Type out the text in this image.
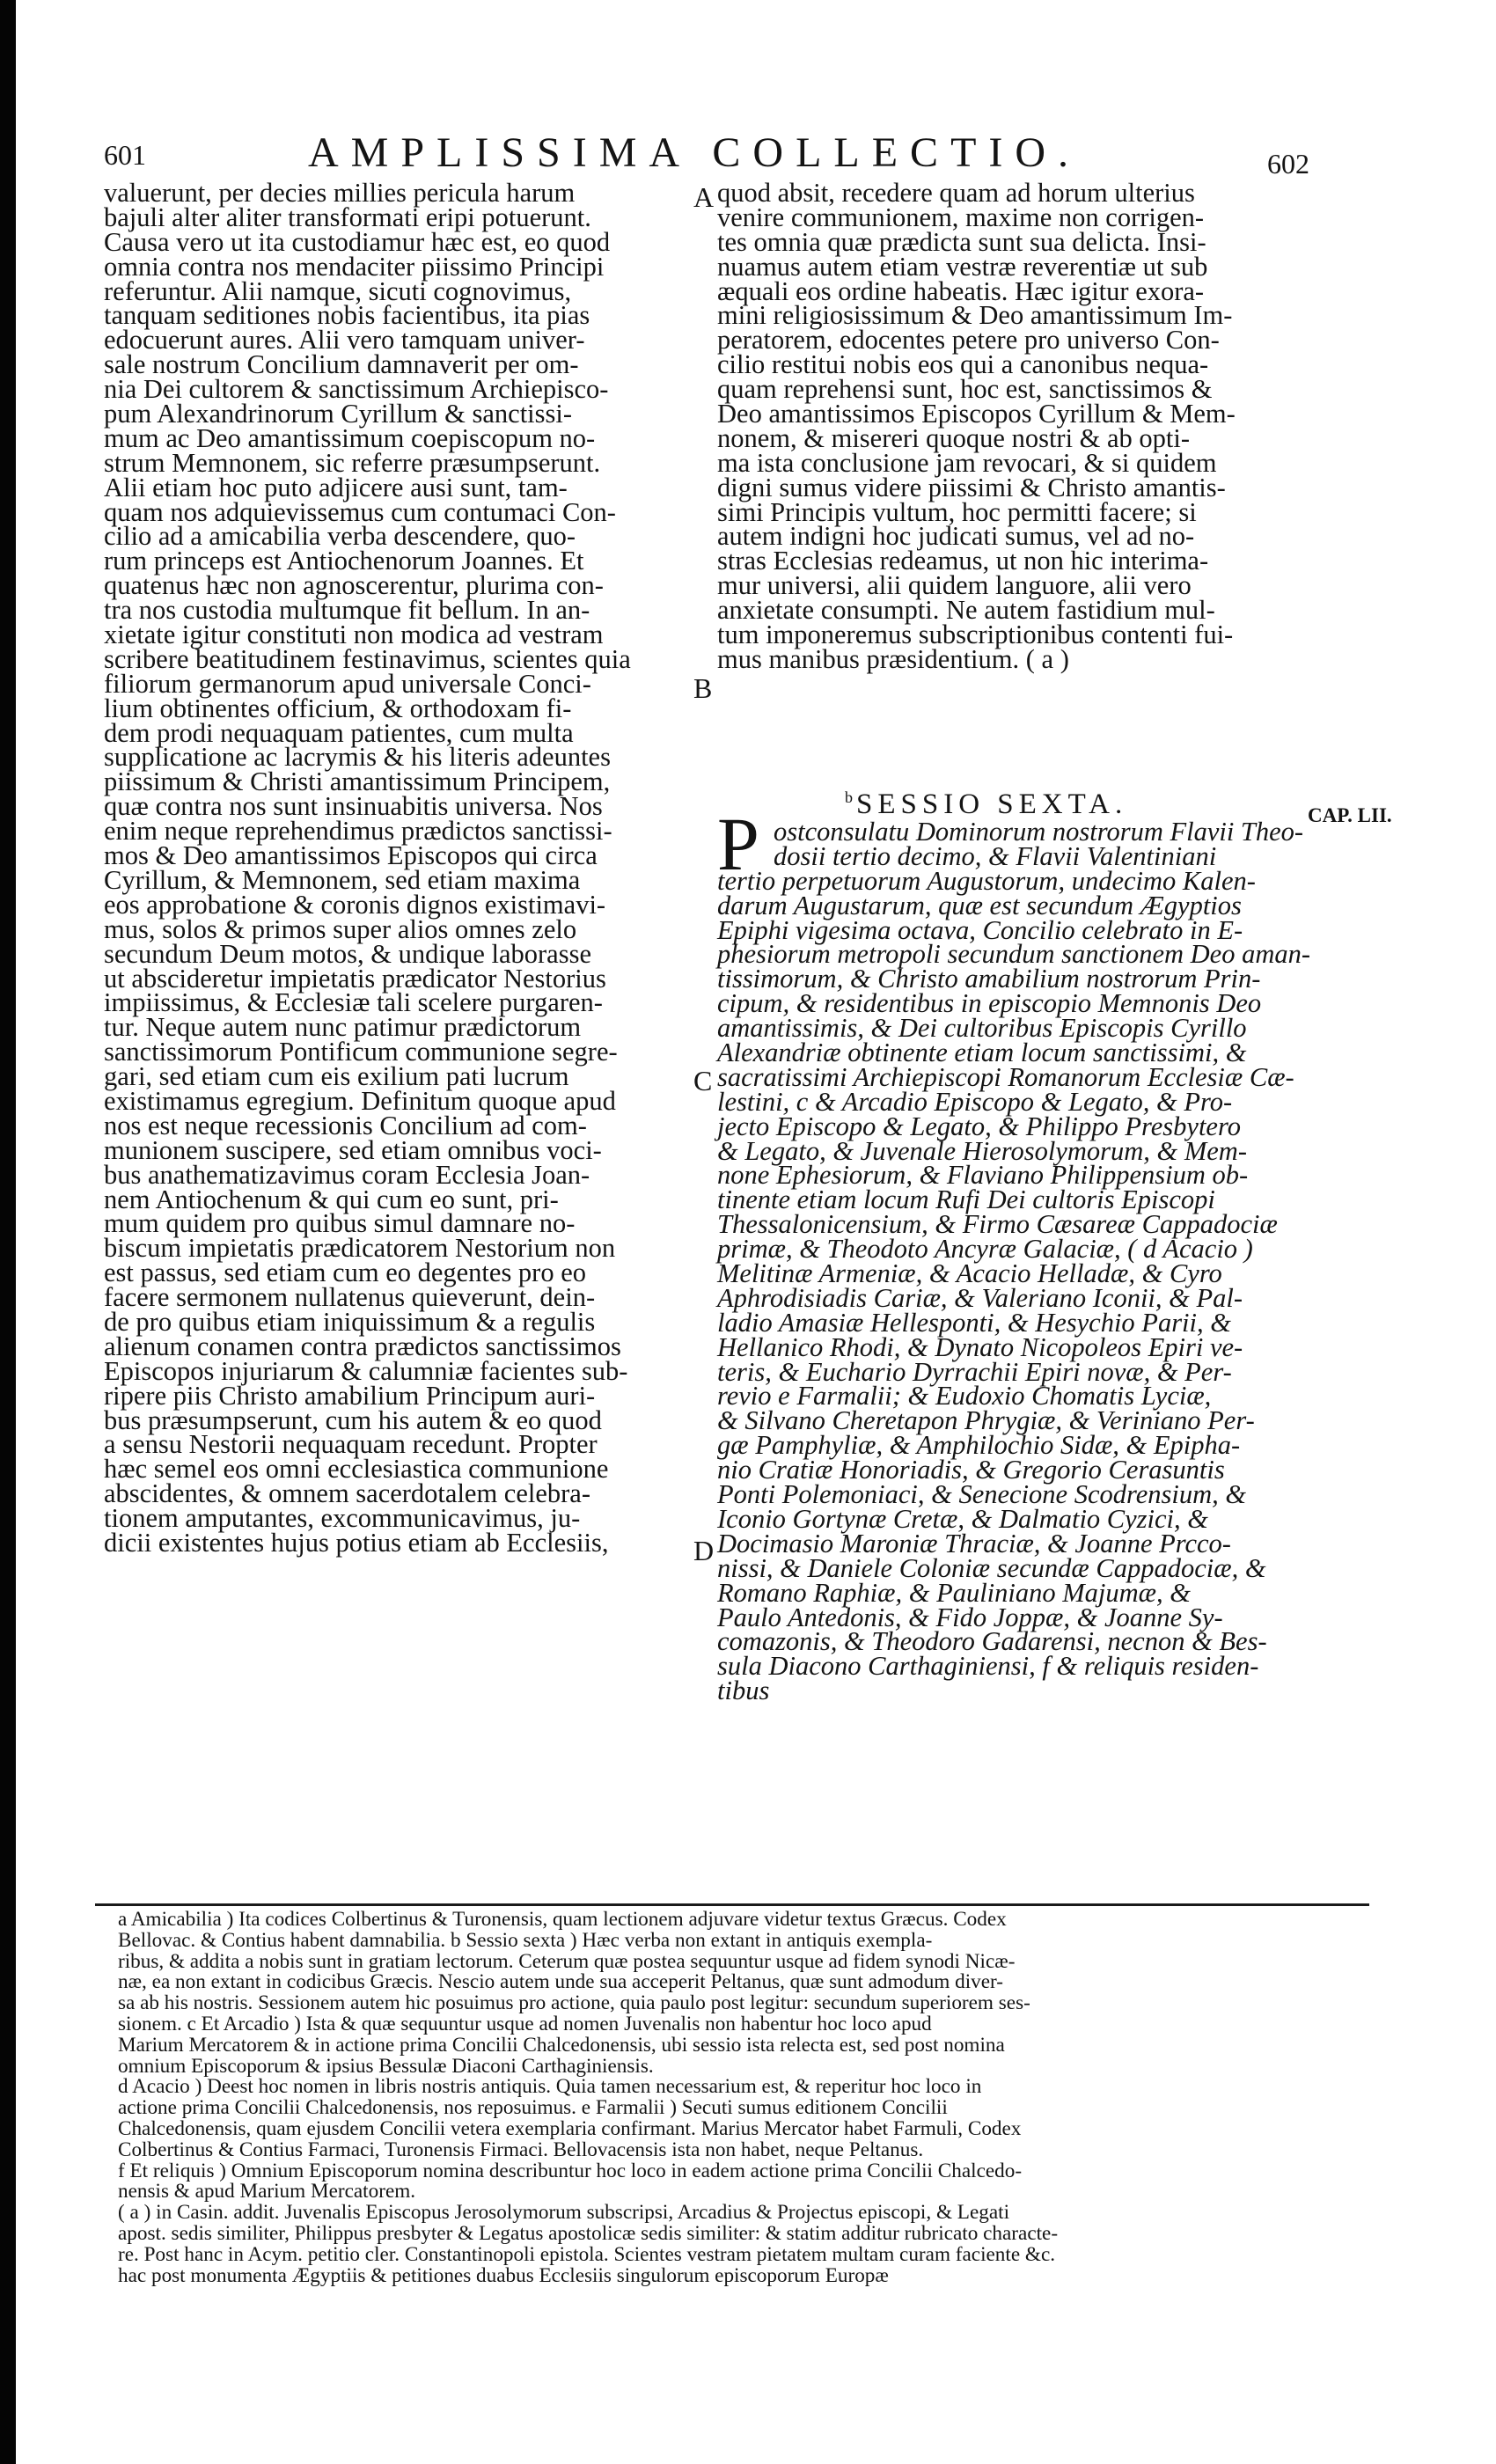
601	AMPLISSIMA COLLECTIO.	602
A
B
C
D
valuerunt, per decies millies pericula harum
bajuli alter aliter transformati eripi potuerunt.
Causa vero ut ita custodiamur hæc est, eo quod
omnia contra nos mendaciter piissimo Principi
referuntur. Alii namque, sicuti cognovimus,
tanquam seditiones nobis facientibus, ita pias
edocuerunt aures. Alii vero tamquam univer-
sale nostrum Concilium damnaverit per om-
nia Dei cultorem & sanctissimum Archiepisco-
pum Alexandrinorum Cyrillum & sanctissi-
mum ac Deo amantissimum coepiscopum no-
strum Memnonem, sic referre præsumpserunt.
Alii etiam hoc puto adjicere ausi sunt, tam-
quam nos adquievissemus cum contumaci Con-
cilio ad a amicabilia verba descendere, quo-
rum princeps est Antiochenorum Joannes. Et
quatenus hæc non agnoscerentur, plurima con-
tra nos custodia multumque fit bellum. In an-
xietate igitur constituti non modica ad vestram
scribere beatitudinem festinavimus, scientes quia
filiorum germanorum apud universale Conci-
lium obtinentes officium, & orthodoxam fi-
dem prodi nequaquam patientes, cum multa
supplicatione ac lacrymis & his literis adeuntes
piissimum & Christi amantissimum Principem,
quæ contra nos sunt insinuabitis universa. Nos
enim neque reprehendimus prædictos sanctissi-
mos & Deo amantissimos Episcopos qui circa
Cyrillum, & Memnonem, sed etiam maxima
eos approbatione & coronis dignos existimavi-
mus, solos & primos super alios omnes zelo
secundum Deum motos, & undique laborasse
ut abscideretur impietatis prædicator Nestorius
impiissimus, & Ecclesiæ tali scelere purgaren-
tur. Neque autem nunc patimur prædictorum
sanctissimorum Pontificum communione segre-
gari, sed etiam cum eis exilium pati lucrum
existimamus egregium. Definitum quoque apud
nos est neque recessionis Concilium ad com-
munionem suscipere, sed etiam omnibus voci-
bus anathematizavimus coram Ecclesia Joan-
nem Antiochenum & qui cum eo sunt, pri-
mum quidem pro quibus simul damnare no-
biscum impietatis prædicatorem Nestorium non
est passus, sed etiam cum eo degentes pro eo
facere sermonem nullatenus quieverunt, dein-
de pro quibus etiam iniquissimum & a regulis
alienum conamen contra prædictos sanctissimos
Episcopos injuriarum & calumniæ facientes sub-
ripere piis Christo amabilium Principum auri-
bus præsumpserunt, cum his autem & eo quod
a sensu Nestorii nequaquam recedunt. Propter
hæc semel eos omni ecclesiastica communione
abscidentes, & omnem sacerdotalem celebra-
tionem amputantes, excommunicavimus, ju-
dicii existentes hujus potius etiam ab Ecclesiis,
quod absit, recedere quam ad horum ulterius
venire communionem, maxime non corrigen-
tes omnia quæ prædicta sunt sua delicta. Insi-
nuamus autem etiam vestræ reverentiæ ut sub
æquali eos ordine habeatis. Hæc igitur exora-
mini religiosissimum & Deo amantissimum Im-
peratorem, edocentes petere pro universo Con-
cilio restitui nobis eos qui a canonibus nequa-
quam reprehensi sunt, hoc est, sanctissimos &
Deo amantissimos Episcopos Cyrillum & Mem-
nonem, & misereri quoque nostri & ab opti-
ma ista conclusione jam revocari, & si quidem
digni sumus videre piissimi & Christo amantis-
simi Principis vultum, hoc permitti facere; si
autem indigni hoc judicati sumus, vel ad no-
stras Ecclesias redeamus, ut non hic interima-
mur universi, alii quidem languore, alii vero
anxietate consumpti. Ne autem fastidium mul-
tum imponeremus subscriptionibus contenti fui-
mus manibus præsidentium. ( a )
$^b$ SESSIO SEXTA.	CAP. LII.
P ostconsulatu Dominorum nostrorum Flavii Theo-
dosii tertio decimo, & Flavii Valentiniani
tertio perpetuorum Augustorum, undecimo Kalen-
darum Augustarum, quæ est secundum Ægyptios
Epiphi vigesima octava, Concilio celebrato in E-
phesiorum metropoli secundum sanctionem Deo aman-
tissimorum, & Christo amabilium nostrorum Prin-
cipum, & residentibus in episcopio Memnonis Deo
amantissimis, & Dei cultoribus Episcopis Cyrillo
Alexandriæ obtinente etiam locum sanctissimi, &
sacratissimi Archiepiscopi Romanorum Ecclesiæ Cæ-
lestini, c & Arcadio Episcopo & Legato, & Pro-
jecto Episcopo & Legato, & Philippo Presbytero
& Legato, & Juvenale Hierosolymorum, & Mem-
none Ephesiorum, & Flaviano Philippensium ob-
tinente etiam locum Rufi Dei cultoris Episcopi
Thessalonicensium, & Firmo Cæsareæ Cappadociæ
primæ, & Theodoto Ancyræ Galaciæ, ( d Acacio )
Melitinæ Armeniæ, & Acacio Helladæ, & Cyro
Aphrodisiadis Cariæ, & Valeriano Iconii, & Pal-
ladio Amasiæ Hellesponti, & Hesychio Parii, &
Hellanico Rhodi, & Dynato Nicopoleos Epiri ve-
teris, & Euchario Dyrrachii Epiri novæ, & Per-
revio e Farmalii; & Eudoxio Chomatis Lyciæ,
& Silvano Cheretapon Phrygiæ, & Veriniano Per-
gæ Pamphyliæ, & Amphilochio Sidæ, & Epipha-
nio Cratiæ Honoriadis, & Gregorio Cerasuntis
Ponti Polemoniaci, & Senecione Scodrensium, &
Iconio Gortynæ Cretæ, & Dalmatio Cyzici, &
Docimasio Maroniæ Thraciæ, & Joanne Prcco-
nissi, & Daniele Coloniæ secundæ Cappadociæ, &
Romano Raphiæ, & Pauliniano Majumæ, &
Paulo Antedonis, & Fido Joppæ, & Joanne Sy-
comazonis, & Theodoro Gadarensi, necnon & Bes-
sula Diacono Carthaginiensi, f & reliquis residen-
tibus
a Amicabilia ) Ita codices Colbertinus & Turonensis, quam lectionem adjuvare videtur textus Græcus. Codex
Bellovac. & Contius habent damnabilia. b Sessio sexta ) Hæc verba non extant in antiquis exempla-
ribus, & addita a nobis sunt in gratiam lectorum. Ceterum quæ postea sequuntur usque ad fidem synodi Nicæ-
næ, ea non extant in codicibus Græcis. Nescio autem unde sua acceperit Peltanus, quæ sunt admodum diver-
sa ab his nostris. Sessionem autem hic posuimus pro actione, quia paulo post legitur: secundum superiorem ses-
sionem. c Et Arcadio ) Ista & quæ sequuntur usque ad nomen Juvenalis non habentur hoc loco apud
Marium Mercatorem & in actione prima Concilii Chalcedonensis, ubi sessio ista relecta est, sed post nomina
omnium Episcoporum & ipsius Bessulæ Diaconi Carthaginiensis.
d Acacio ) Deest hoc nomen in libris nostris antiquis. Quia tamen necessarium est, & reperitur hoc loco in
actione prima Concilii Chalcedonensis, nos reposuimus. e Farmalii ) Secuti sumus editionem Concilii
Chalcedonensis, quam ejusdem Concilii vetera exemplaria confirmant. Marius Mercator habet Farmuli, Codex
Colbertinus & Contius Farmaci, Turonensis Firmaci. Bellovacensis ista non habet, neque Peltanus.
f Et reliquis ) Omnium Episcoporum nomina describuntur hoc loco in eadem actione prima Concilii Chalcedo-
nensis & apud Marium Mercatorem.
( a ) in Casin. addit. Juvenalis Episcopus Jerosolymorum subscripsi, Arcadius & Projectus episcopi, & Legati
apost. sedis similiter, Philippus presbyter & Legatus apostolicæ sedis similiter: & statim additur rubricato characte-
re. Post hanc in Acym. petitio cler. Constantinopoli epistola. Scientes vestram pietatem multam curam faciente &c.
hac post monumenta Ægyptiis & petitiones duabus Ecclesiis singulorum episcoporum Europæ
